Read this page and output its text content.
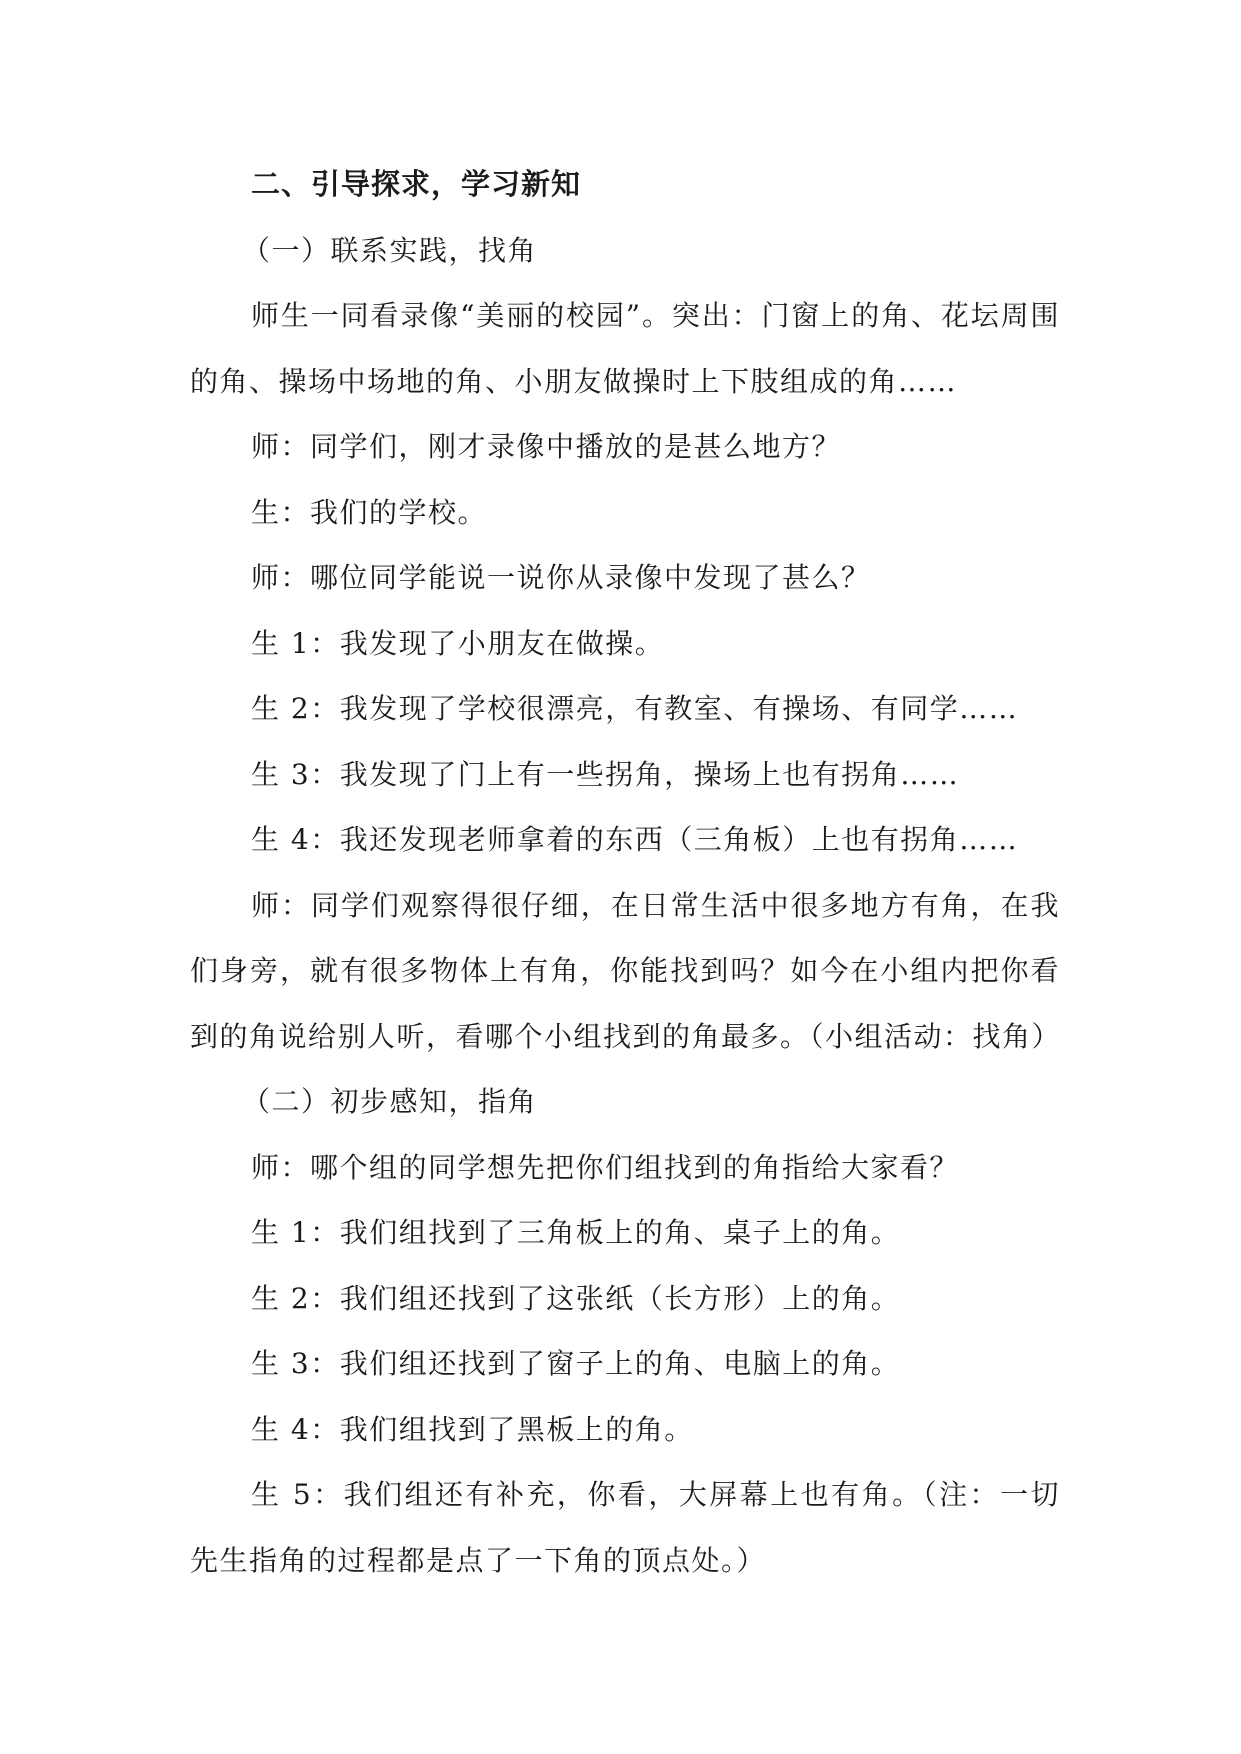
二、引导探求，学习新知
（一）联系实践，找角
师生一同看录像“美丽的校园”。突出：门窗上的角、花坛周围的角、操场中场地的角、小朋友做操时上下肢组成的角……
师：同学们，刚才录像中播放的是甚么地方？
生：我们的学校。
师：哪位同学能说一说你从录像中发现了甚么？
生 1：我发现了小朋友在做操。
生 2：我发现了学校很漂亮，有教室、有操场、有同学……
生 3：我发现了门上有一些拐角，操场上也有拐角……
生 4：我还发现老师拿着的东西（三角板）上也有拐角……
师：同学们观察得很仔细，在日常生活中很多地方有角，在我们身旁，就有很多物体上有角，你能找到吗？如今在小组内把你看到的角说给别人听，看哪个小组找到的角最多。（小组活动：找角）
（二）初步感知，指角
师：哪个组的同学想先把你们组找到的角指给大家看？
生 1：我们组找到了三角板上的角、桌子上的角。
生 2：我们组还找到了这张纸（长方形）上的角。
生 3：我们组还找到了窗子上的角、电脑上的角。
生 4：我们组找到了黑板上的角。
生 5：我们组还有补充，你看，大屏幕上也有角。（注：一切先生指角的过程都是点了一下角的顶点处。）
